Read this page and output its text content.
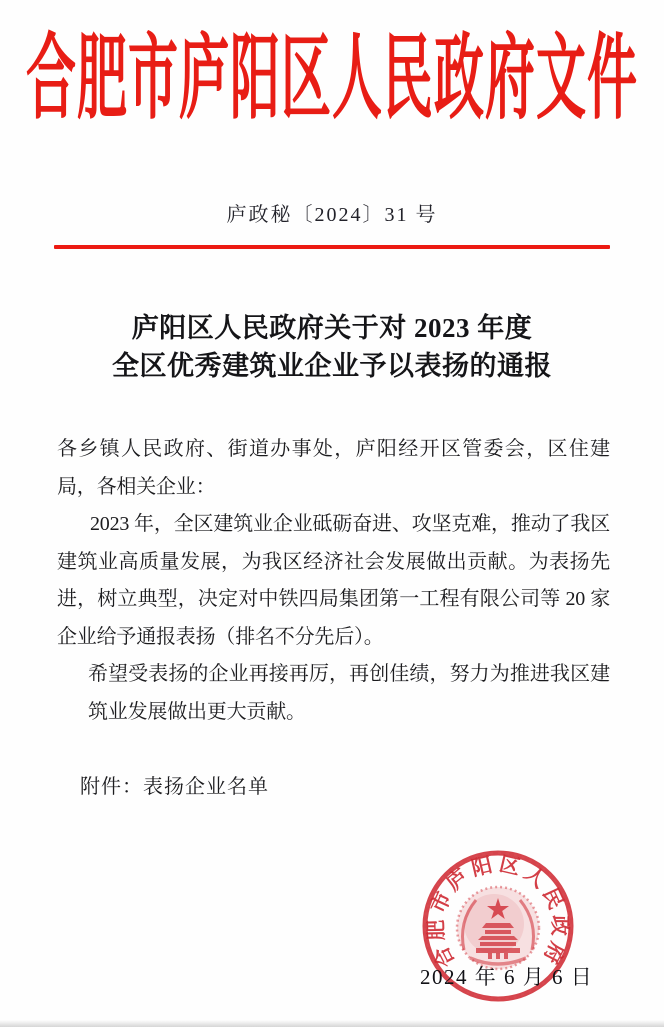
合肥市庐阳区人民政府文件
庐政秘〔2024〕31 号
庐阳区人民政府关于对 2023 年度
全区优秀建筑业企业予以表扬的通报

各乡镇人民政府、街道办事处，庐阳经开区管委会，区住建局，各相关企业：

2023 年，全区建筑业企业砥砺奋进、攻坚克难，推动了我区建筑业高质量发展，为我区经济社会发展做出贡献。为表扬先进，树立典型，决定对中铁四局集团第一工程有限公司等 20 家企业给予通报表扬（排名不分先后）。

希望受表扬的企业再接再厉，再创佳绩，努力为推进我区建筑业发展做出更大贡献。

附件：表扬企业名单
合肥市庐阳区人民政府
2024 年 6 月 6 日
